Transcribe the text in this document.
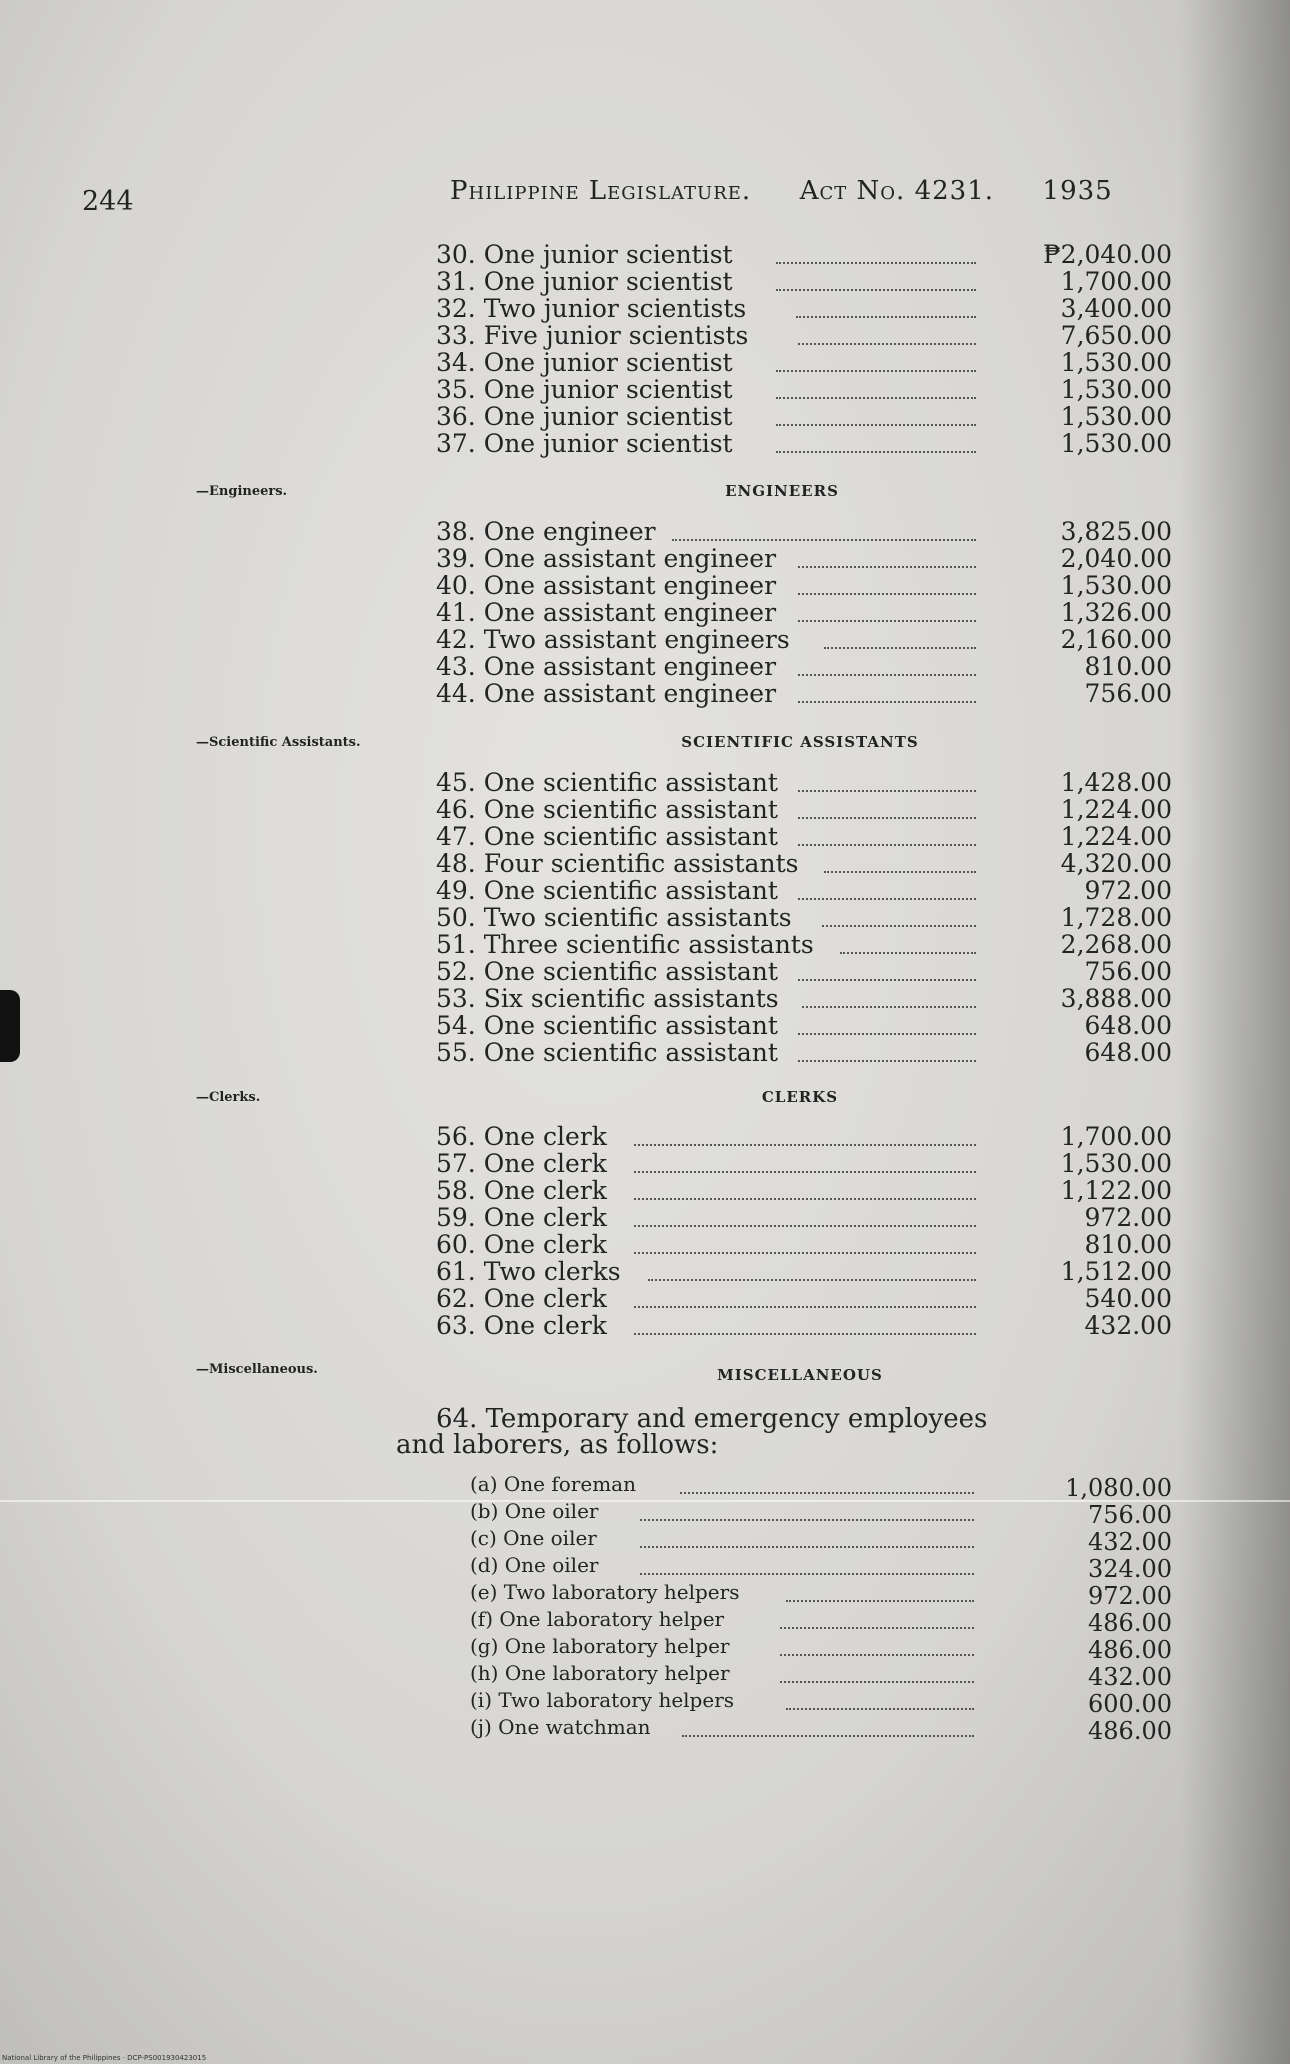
244	Philippine Legislature. Act No. 4231. 1935
30. One junior scientist	₱2,040.00
31. One junior scientist	1,700.00
32. Two junior scientists	3,400.00
33. Five junior scientists	7,650.00
34. One junior scientist	1,530.00
35. One junior scientist	1,530.00
36. One junior scientist	1,530.00
37. One junior scientist	1,530.00
—Engineers.	ENGINEERS
38. One engineer	3,825.00
39. One assistant engineer	2,040.00
40. One assistant engineer	1,530.00
41. One assistant engineer	1,326.00
42. Two assistant engineers	2,160.00
43. One assistant engineer	810.00
44. One assistant engineer	756.00
—Scientific Assistants.	SCIENTIFIC ASSISTANTS
45. One scientific assistant	1,428.00
46. One scientific assistant	1,224.00
47. One scientific assistant	1,224.00
48. Four scientific assistants	4,320.00
49. One scientific assistant	972.00
50. Two scientific assistants	1,728.00
51. Three scientific assistants	2,268.00
52. One scientific assistant	756.00
53. Six scientific assistants	3,888.00
54. One scientific assistant	648.00
55. One scientific assistant	648.00
—Clerks.	CLERKS
56. One clerk	1,700.00
57. One clerk	1,530.00
58. One clerk	1,122.00
59. One clerk	972.00
60. One clerk	810.00
61. Two clerks	1,512.00
62. One clerk	540.00
63. One clerk	432.00
—Miscellaneous.	MISCELLANEOUS
64. Temporary and emergency employees
and laborers, as follows:
(a) One foreman	1,080.00
(b) One oiler	756.00
(c) One oiler	432.00
(d) One oiler	324.00
(e) Two laboratory helpers	972.00
(f) One laboratory helper	486.00
(g) One laboratory helper	486.00
(h) One laboratory helper	432.00
(i) Two laboratory helpers	600.00
(j) One watchman	486.00
National Library of the Philippines · DCP-PS001930423015
